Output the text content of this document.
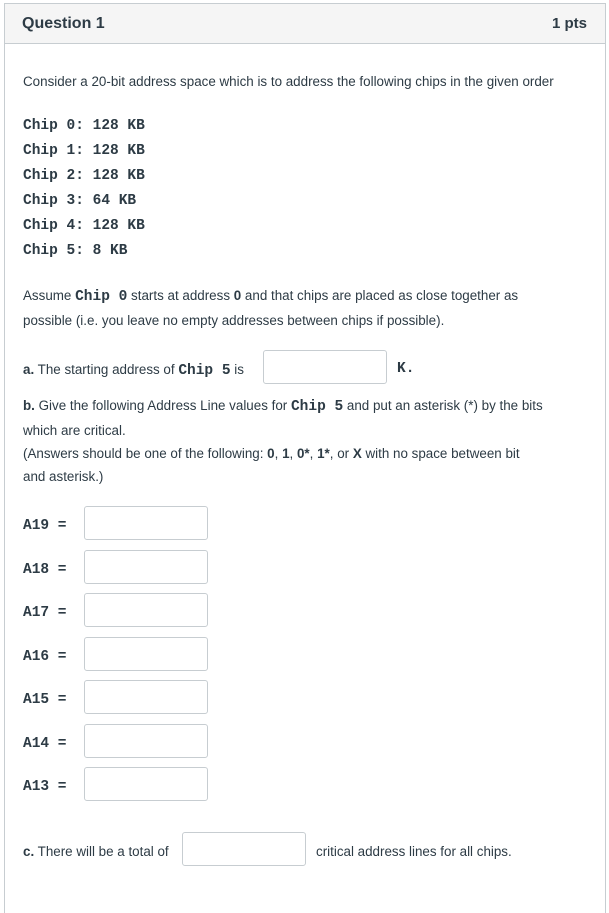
Question 1	1 pts
Consider a 20-bit address space which is to address the following chips in the given order
Chip 0: 128 KB
Chip 1: 128 KB
Chip 2: 128 KB
Chip 3: 64 KB
Chip 4: 128 KB
Chip 5: 8 KB
Assume Chip 0 starts at address 0 and that chips are placed as close together as
possible (i.e. you leave no empty addresses between chips if possible).
a. The starting address of Chip 5 is	K.
b. Give the following Address Line values for Chip 5 and put an asterisk (*) by the bits
which are critical.
(Answers should be one of the following: 0, 1, 0*, 1*, or X with no space between bit
and asterisk.)
A19 =
A18 =
A17 =
A16 =
A15 =
A14 =
A13 =
c. There will be a total of	critical address lines for all chips.
